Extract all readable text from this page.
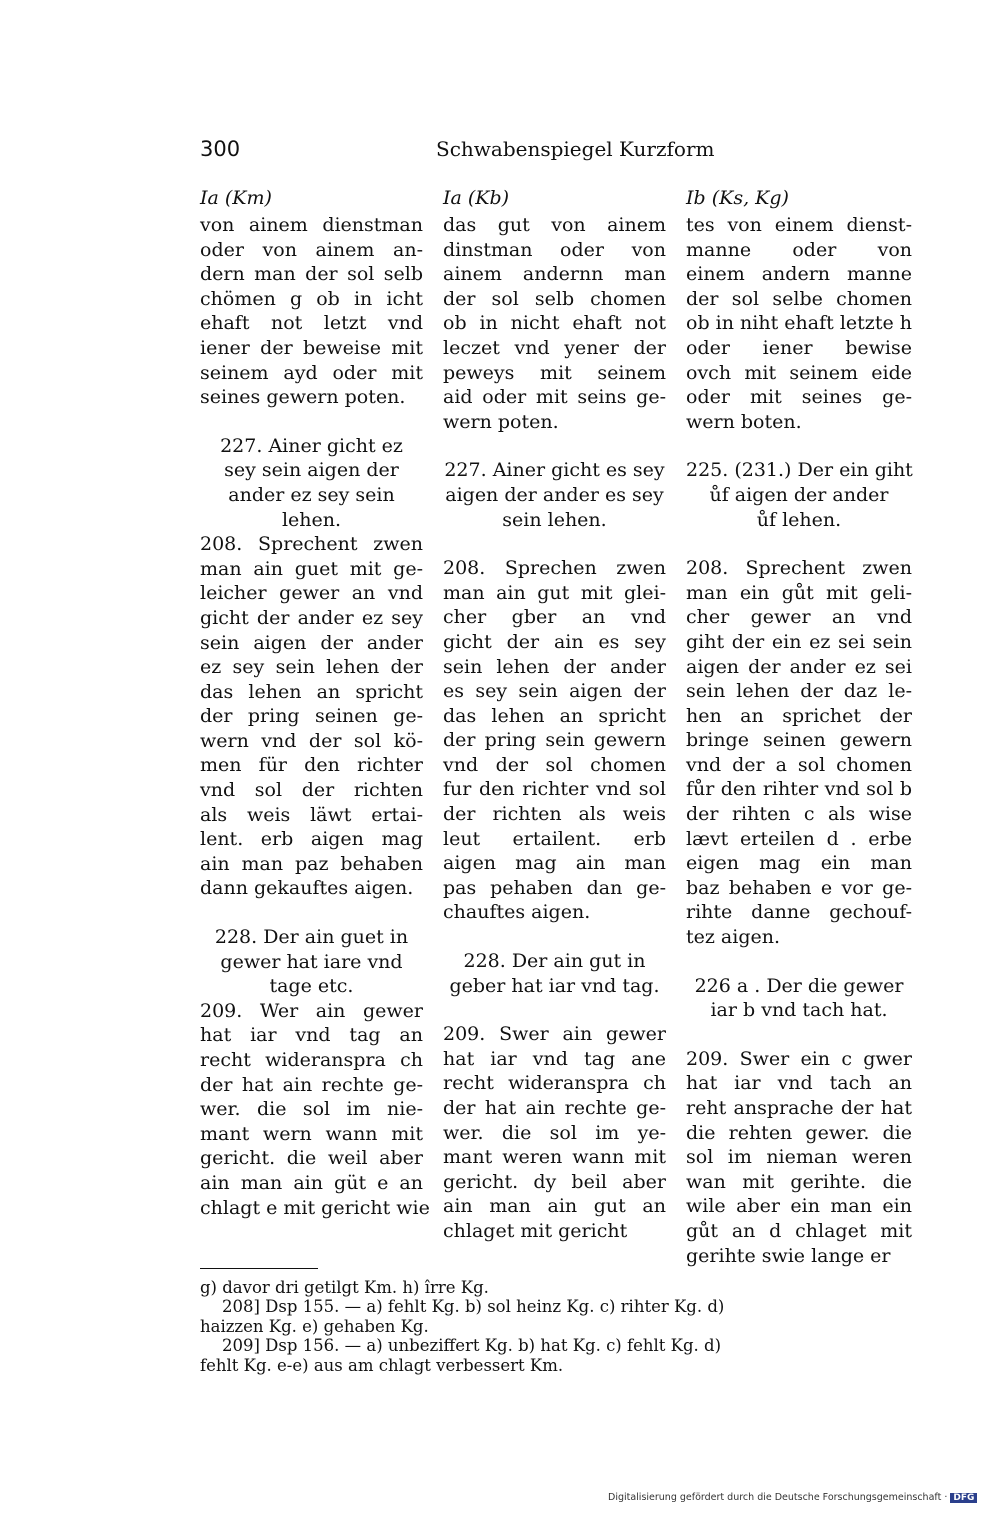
300	Schwabenspiegel Kurzform
Ia (Km)
von ainem dienstman
oder von ainem an-
dern man der sol selb
chömen g ob in icht
ehaft not letzt vnd
iener der beweise mit
seinem ayd oder mit
seines gewern poten.
227. Ainer gicht ez
sey sein aigen der
ander ez sey sein
lehen.
208. Sprechent zwen
man ain guet mit ge-
leicher gewer an vnd
gicht der ander ez sey
sein aigen der ander
ez sey sein lehen der
das lehen an spricht
der pring seinen ge-
wern vnd der sol kö-
men für den richter
vnd sol der richten
als weis läwt ertai-
lent. erb aigen mag
ain man paz behaben
dann gekauftes aigen.
228. Der ain guet in
gewer hat iare vnd
tage etc.
209. Wer ain gewer
hat iar vnd tag an
recht wideranspra ch
der hat ain rechte ge-
wer. die sol im nie-
mant wern wann mit
gericht. die weil aber
ain man ain güt e an
chlagt e mit gericht wie
Ia (Kb)
das gut von ainem
dinstman oder von
ainem andernn man
der sol selb chomen
ob in nicht ehaft not
leczet vnd yener der
peweys mit seinem
aid oder mit seins ge-
wern poten.
227. Ainer gicht es sey
aigen der ander es sey
sein lehen.
208. Sprechen zwen
man ain gut mit glei-
cher gber an vnd
gicht der ain es sey
sein lehen der ander
es sey sein aigen der
das lehen an spricht
der pring sein gewern
vnd der sol chomen
fur den richter vnd sol
der richten als weis
leut ertailent. erb
aigen mag ain man
pas pehaben dan ge-
chauftes aigen.
228. Der ain gut in
geber hat iar vnd tag.
209. Swer ain gewer
hat iar vnd tag ane
recht wideranspra ch
der hat ain rechte ge-
wer. die sol im ye-
mant weren wann mit
gericht. dy beil aber
ain man ain gut an
chlaget mit gericht
Ib (Ks, Kg)
tes von einem dienst-
manne oder von
einem andern manne
der sol selbe chomen
ob in niht ehaft letzte h
oder iener bewise
ovch mit seinem eide
oder mit seines ge-
wern boten.
225. (231.) Der ein giht
ůf aigen der ander
ůf lehen.
208. Sprechent zwen
man ein gůt mit geli-
cher gewer an vnd
giht der ein ez sei sein
aigen der ander ez sei
sein lehen der daz le-
hen an sprichet der
bringe seinen gewern
vnd der a sol chomen
fůr den rihter vnd sol b
der rihten c als wise
lævt erteilen d . erbe
eigen mag ein man
baz behaben e vor ge-
rihte danne gechouf-
tez aigen.
226 a . Der die gewer
iar b vnd tach hat.
209. Swer ein c gwer
hat iar vnd tach an
reht ansprache der hat
die rehten gewer. die
sol im nieman weren
wan mit gerihte. die
wile aber ein man ein
gůt an d chlaget mit
gerihte swie lange er
g) davor dri getilgt Km. h) îrre Kg.
208] Dsp 155. — a) fehlt Kg. b) sol heinz Kg. c) rihter Kg. d)
haizzen Kg. e) gehaben Kg.
209] Dsp 156. — a) unbeziffert Kg. b) hat Kg. c) fehlt Kg. d)
fehlt Kg. e-e) aus am chlagt verbessert Km.
Digitalisierung gefördert durch die Deutsche Forschungsgemeinschaft · DFG
